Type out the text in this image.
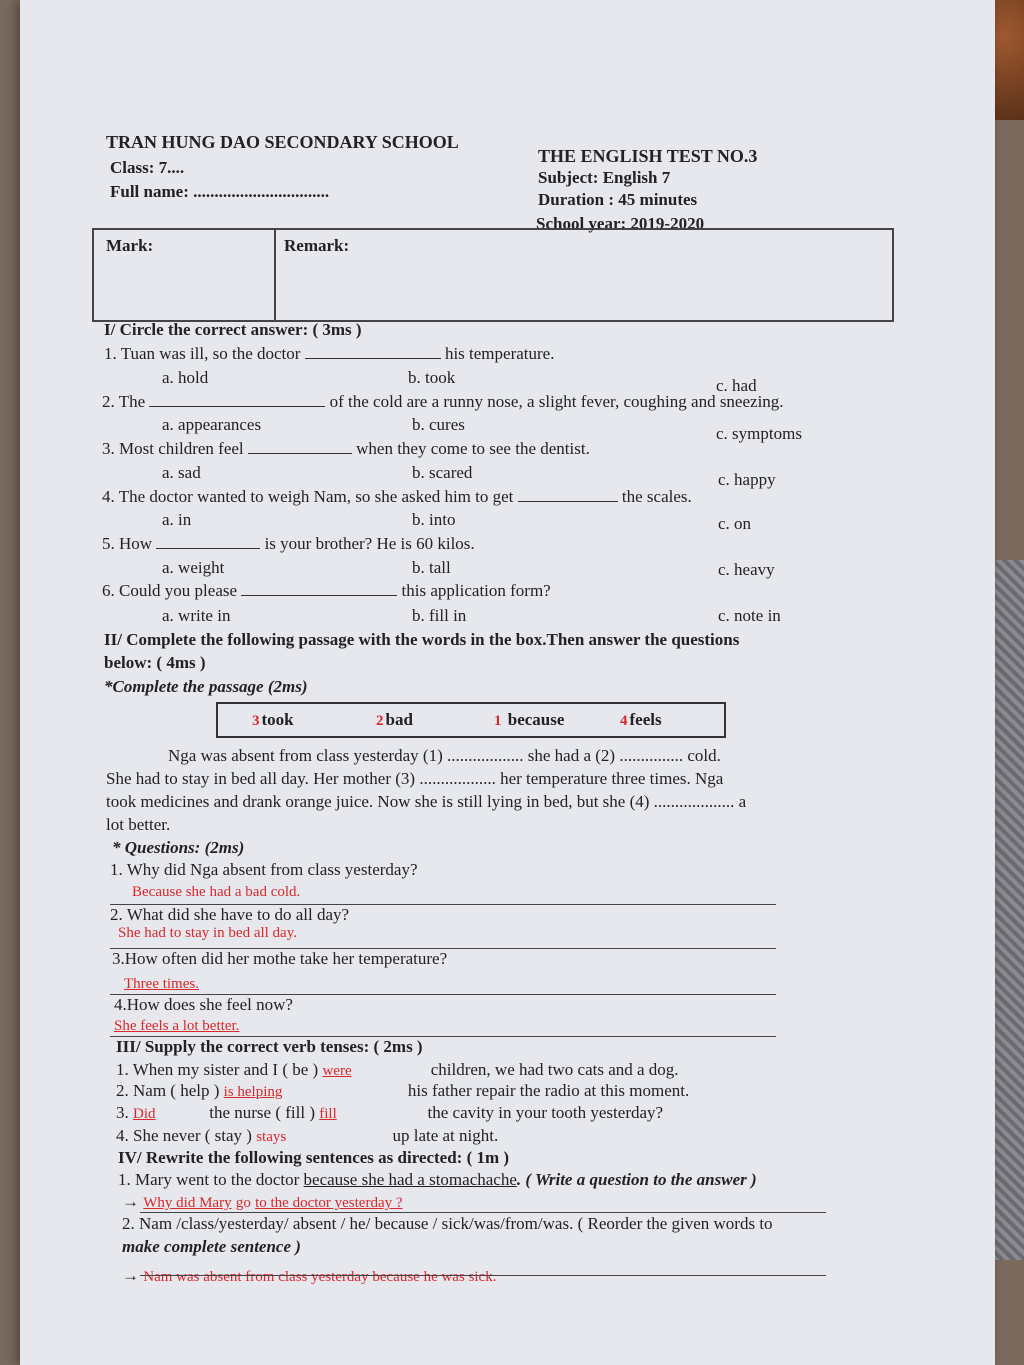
TRAN HUNG DAO SECONDARY SCHOOL
Class: 7....
Full name: ................................
THE ENGLISH TEST NO.3
Subject: English 7
Duration : 45 minutes
School year: 2019-2020
Mark:	Remark:
I/ Circle the correct answer: ( 3ms )
1. Tuan was ill, so the doctor	his temperature.
a. hold	b. took	c. had
2. The	of the cold are a runny nose, a slight fever, coughing and sneezing.
a. appearances	b. cures	c. symptoms
3. Most children feel	when they come to see the dentist.
a. sad	b. scared	c. happy
4. The doctor wanted to weigh Nam, so she asked him to get	the scales.
a. in	b. into	c. on
5. How	is your brother? He is 60 kilos.
a. weight	b. tall	c. heavy
6. Could you please	this application form?
a. write in	b. fill in	c. note in
II/ Complete the following passage with the words in the box.Then answer the questions
below: ( 4ms )
*Complete the passage (2ms)
3 took	2 bad	1 because	4 feels
Nga was absent from class yesterday (1) .................. she had a (2) ............... cold.
She had to stay in bed all day. Her mother (3) .................. her temperature three times. Nga
took medicines and drank orange juice. Now she is still lying in bed, but she (4) ................... a
lot better.
* Questions: (2ms)
1. Why did Nga absent from class yesterday?
Because she had a bad cold.
2. What did she have to do all day?
She had to stay in bed all day.
3.How often did her mothe take her temperature?
Three times.
4.How does she feel now?
She feels a lot better.
III/ Supply the correct verb tenses: ( 2ms )
1. When my sister and I ( be ) were	children, we had two cats and a dog.
2. Nam ( help ) is helping	his father repair the radio at this moment.
3. Did	the nurse ( fill ) fill	the cavity in your tooth yesterday?
4. She never ( stay ) stays	up late at night.
IV/ Rewrite the following sentences as directed: ( 1m )
1. Mary went to the doctor because she had a stomachache. ( Write a question to the answer )
→ Why did Mary go to the doctor yesterday ?
2. Nam /class/yesterday/ absent / he/ because / sick/was/from/was. ( Reorder the given words to
make complete sentence )
→ Nam was absent from class yesterday because he was sick.
